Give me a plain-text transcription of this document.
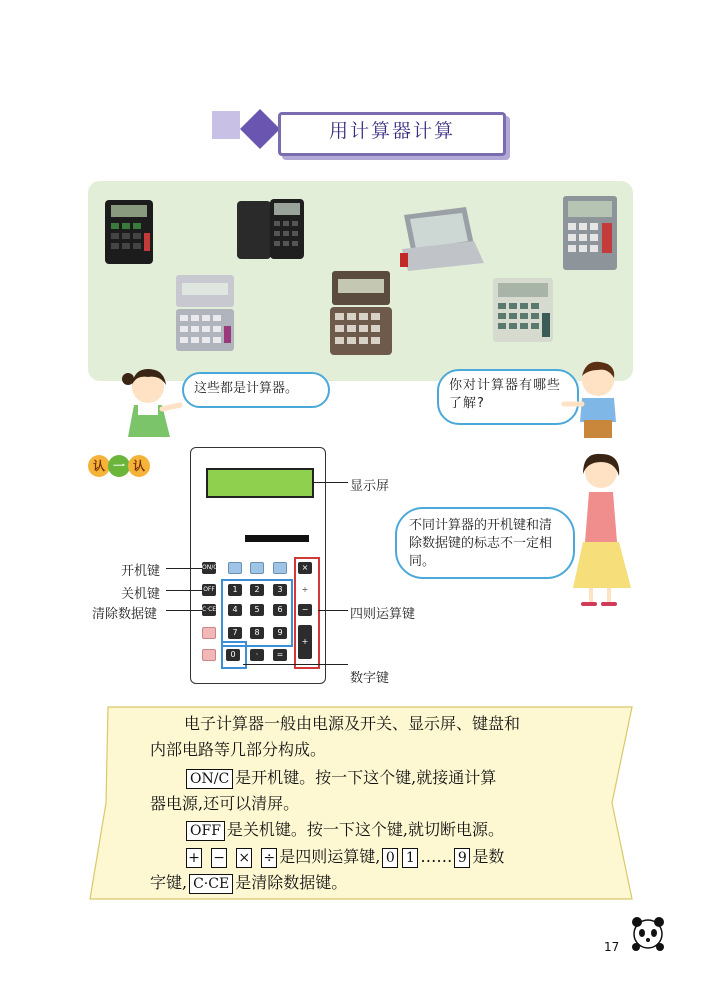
用计算器计算
这些都是计算器。	你对计算器有哪些了解?
认 一 认
ON/C
OFF
C·CE
1	2	3
4	5	6
7	8	9
0	·	=
×
÷
−
+
显示屏
开机键
关机键
清除数据键	四则运算键
数字键
不同计算器的开机键和清除数据键的标志不一定相同。
电子计算器一般由电源及开关、显示屏、键盘和
内部电路等几部分构成。
ON/C 是开机键。按一下这个键,就接通计算
器电源,还可以清屏。
OFF 是关机键。按一下这个键,就切断电源。
+ − × ÷ 是四则运算键, 0 1 …… 9 是数
字键, C·CE 是清除数据键。
17
